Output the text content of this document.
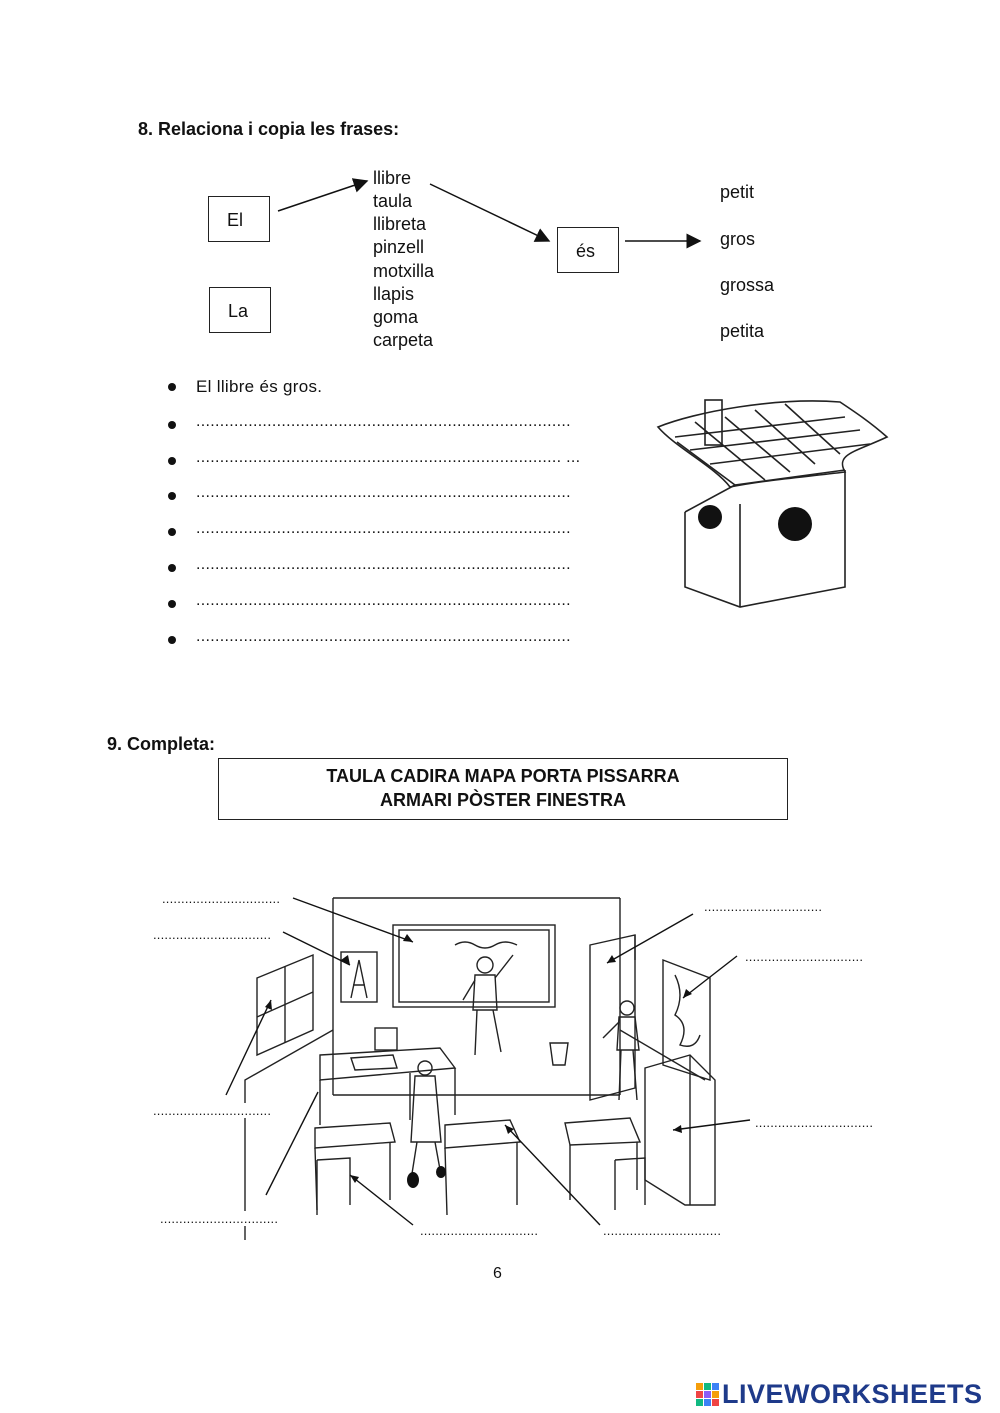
8. Relaciona i copia les frases:
El
La
llibre
taula
llibreta
pinzell
motxilla
llapis
goma
carpeta
és
petit
gros
grossa
petita
El llibre és gros.
...............................................................................
............................................................................. ...
...............................................................................
...............................................................................
...............................................................................
...............................................................................
...............................................................................
9. Completa:
TAULA CADIRA MAPA PORTA PISSARRA
ARMARI PÒSTER FINESTRA
...............................
...............................
...............................
...............................
...............................
...............................
...............................
...............................	...............................
6
LIVEWORKSHEETS
